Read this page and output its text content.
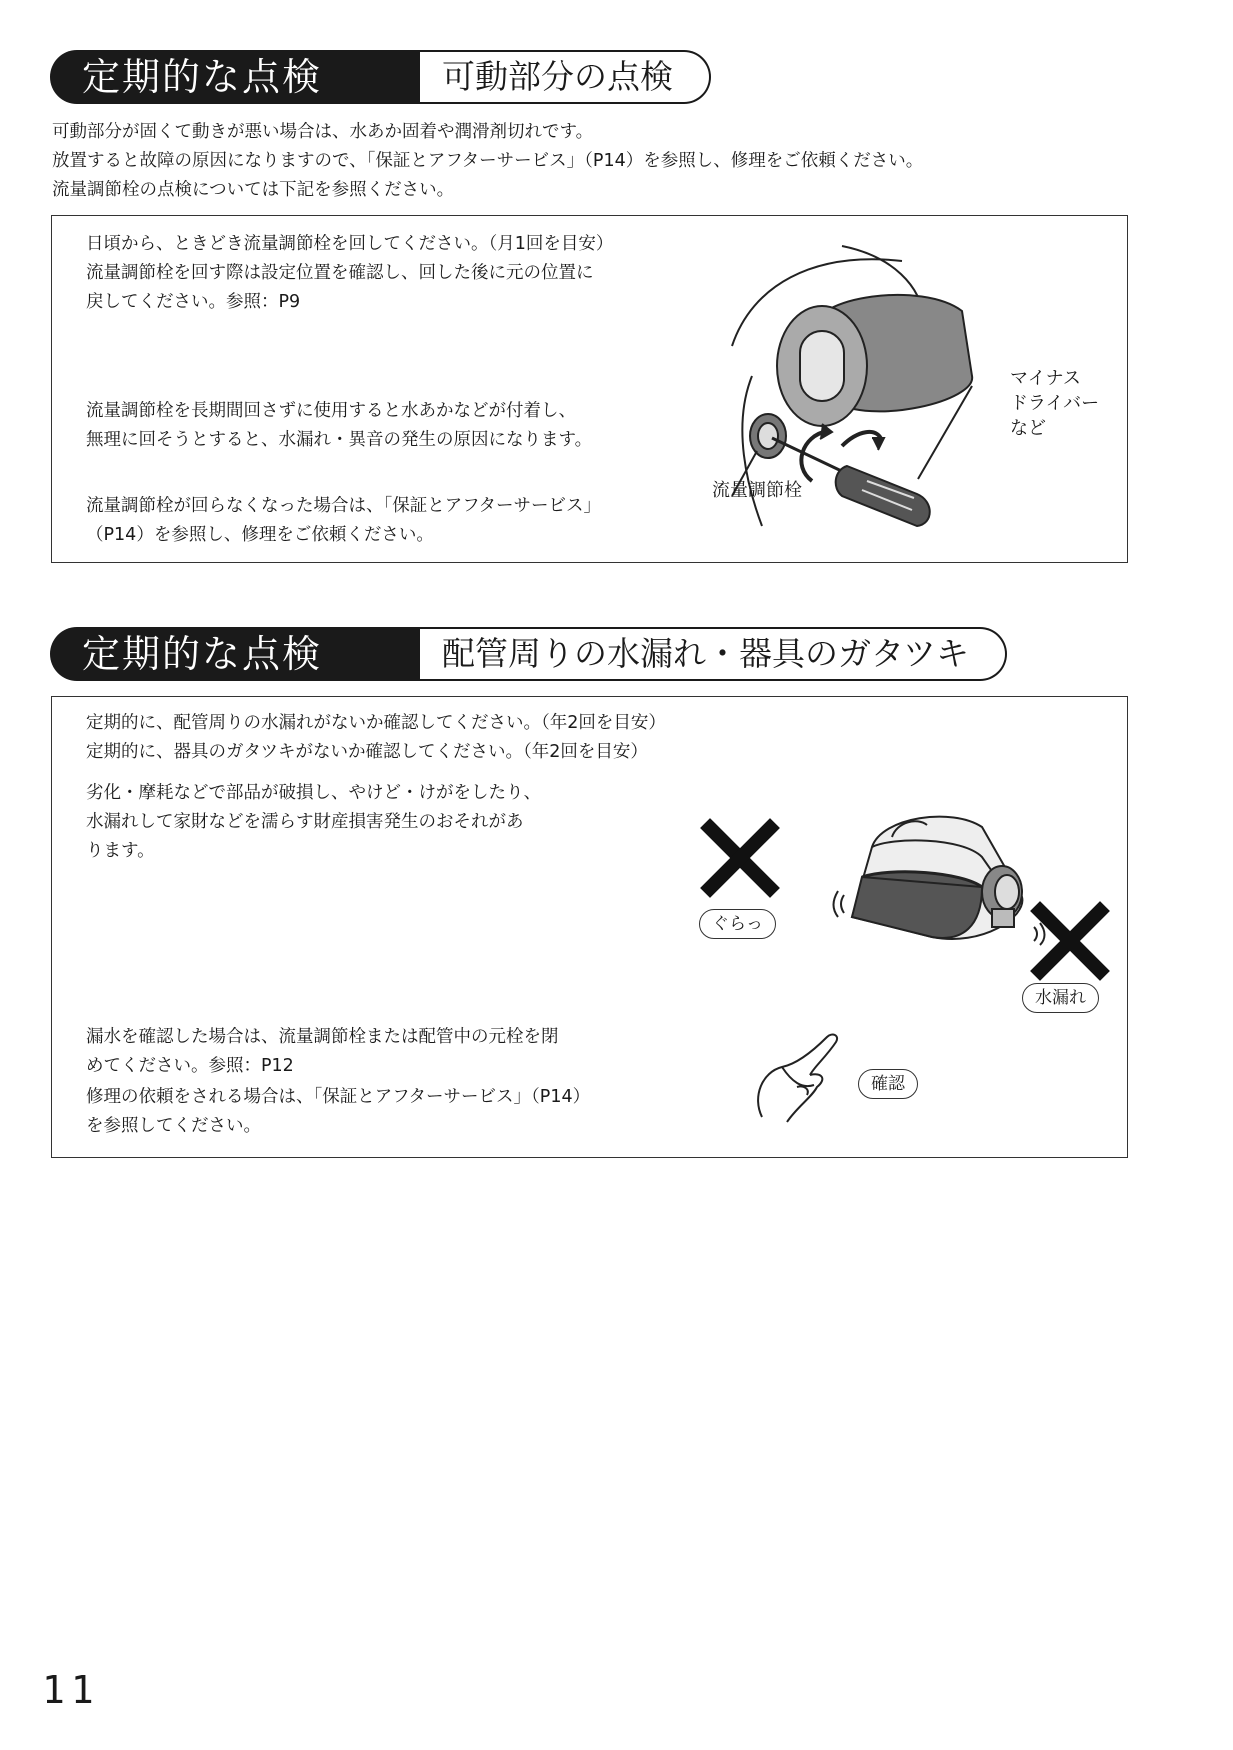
定期的な点検	可動部分の点検
可動部分が固くて動きが悪い場合は、水あか固着や潤滑剤切れです。
放置すると故障の原因になりますので、「保証とアフターサービス」（P14）を参照し、修理をご依頼ください。
流量調節栓の点検については下記を参照ください。
日頃から、ときどき流量調節栓を回してください。（月1回を目安）
流量調節栓を回す際は設定位置を確認し、回した後に元の位置に
戻してください。参照：P9
流量調節栓を長期間回さずに使用すると水あかなどが付着し、
無理に回そうとすると、水漏れ・異音の発生の原因になります。
流量調節栓が回らなくなった場合は、「保証とアフターサービス」
（P14）を参照し、修理をご依頼ください。
マイナス
ドライバー
など
流量調節栓
定期的な点検	配管周りの水漏れ・器具のガタツキ
定期的に、配管周りの水漏れがないか確認してください。（年2回を目安）
定期的に、器具のガタツキがないか確認してください。（年2回を目安）
劣化・摩耗などで部品が破損し、やけど・けがをしたり、
水漏れして家財などを濡らす財産損害発生のおそれがあ
ります。
漏水を確認した場合は、流量調節栓または配管中の元栓を閉
めてください。参照：P12
修理の依頼をされる場合は、「保証とアフターサービス」（P14）
を参照してください。
ぐらっ
水漏れ
確認
11
